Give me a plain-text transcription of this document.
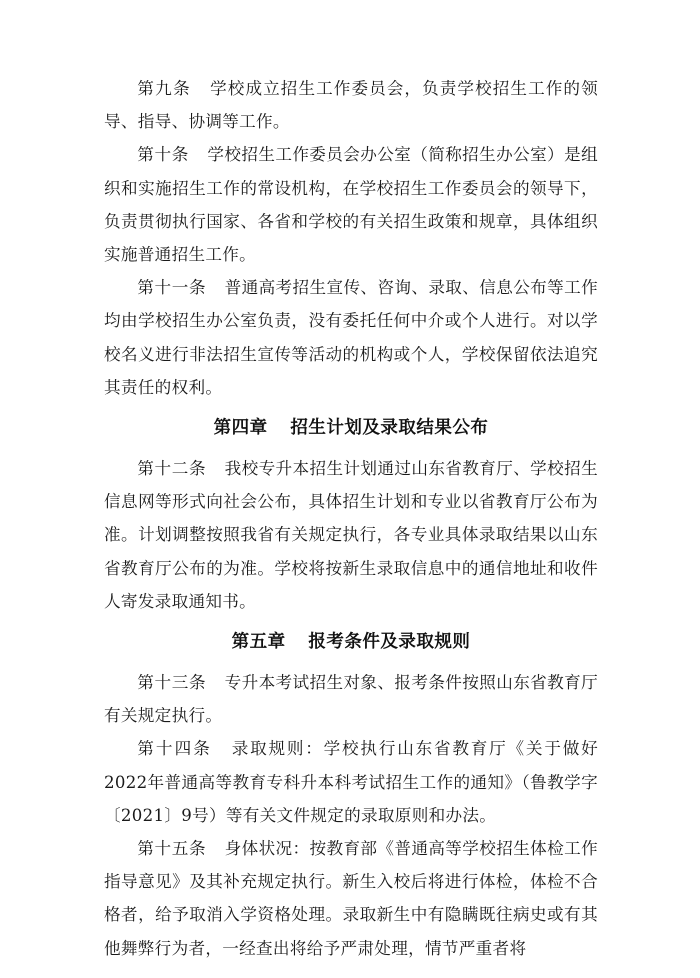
第九条 学校成立招生工作委员会，负责学校招生工作的领导、指导、协调等工作。

第十条 学校招生工作委员会办公室（简称招生办公室）是组织和实施招生工作的常设机构，在学校招生工作委员会的领导下，负责贯彻执行国家、各省和学校的有关招生政策和规章，具体组织实施普通招生工作。

第十一条 普通高考招生宣传、咨询、录取、信息公布等工作均由学校招生办公室负责，没有委托任何中介或个人进行。对以学校名义进行非法招生宣传等活动的机构或个人，学校保留依法追究其责任的权利。

第四章 招生计划及录取结果公布

第十二条 我校专升本招生计划通过山东省教育厅、学校招生信息网等形式向社会公布，具体招生计划和专业以省教育厅公布为准。计划调整按照我省有关规定执行，各专业具体录取结果以山东省教育厅公布的为准。学校将按新生录取信息中的通信地址和收件人寄发录取通知书。

第五章 报考条件及录取规则

第十三条 专升本考试招生对象、报考条件按照山东省教育厅有关规定执行。

第十四条 录取规则：学校执行山东省教育厅《关于做好2022年普通高等教育专科升本科考试招生工作的通知》（鲁教学字〔2021〕9号）等有关文件规定的录取原则和办法。

第十五条 身体状况：按教育部《普通高等学校招生体检工作指导意见》及其补充规定执行。新生入校后将进行体检，体检不合格者，给予取消入学资格处理。录取新生中有隐瞒既往病史或有其他舞弊行为者，一经查出将给予严肃处理，情节严重者将
